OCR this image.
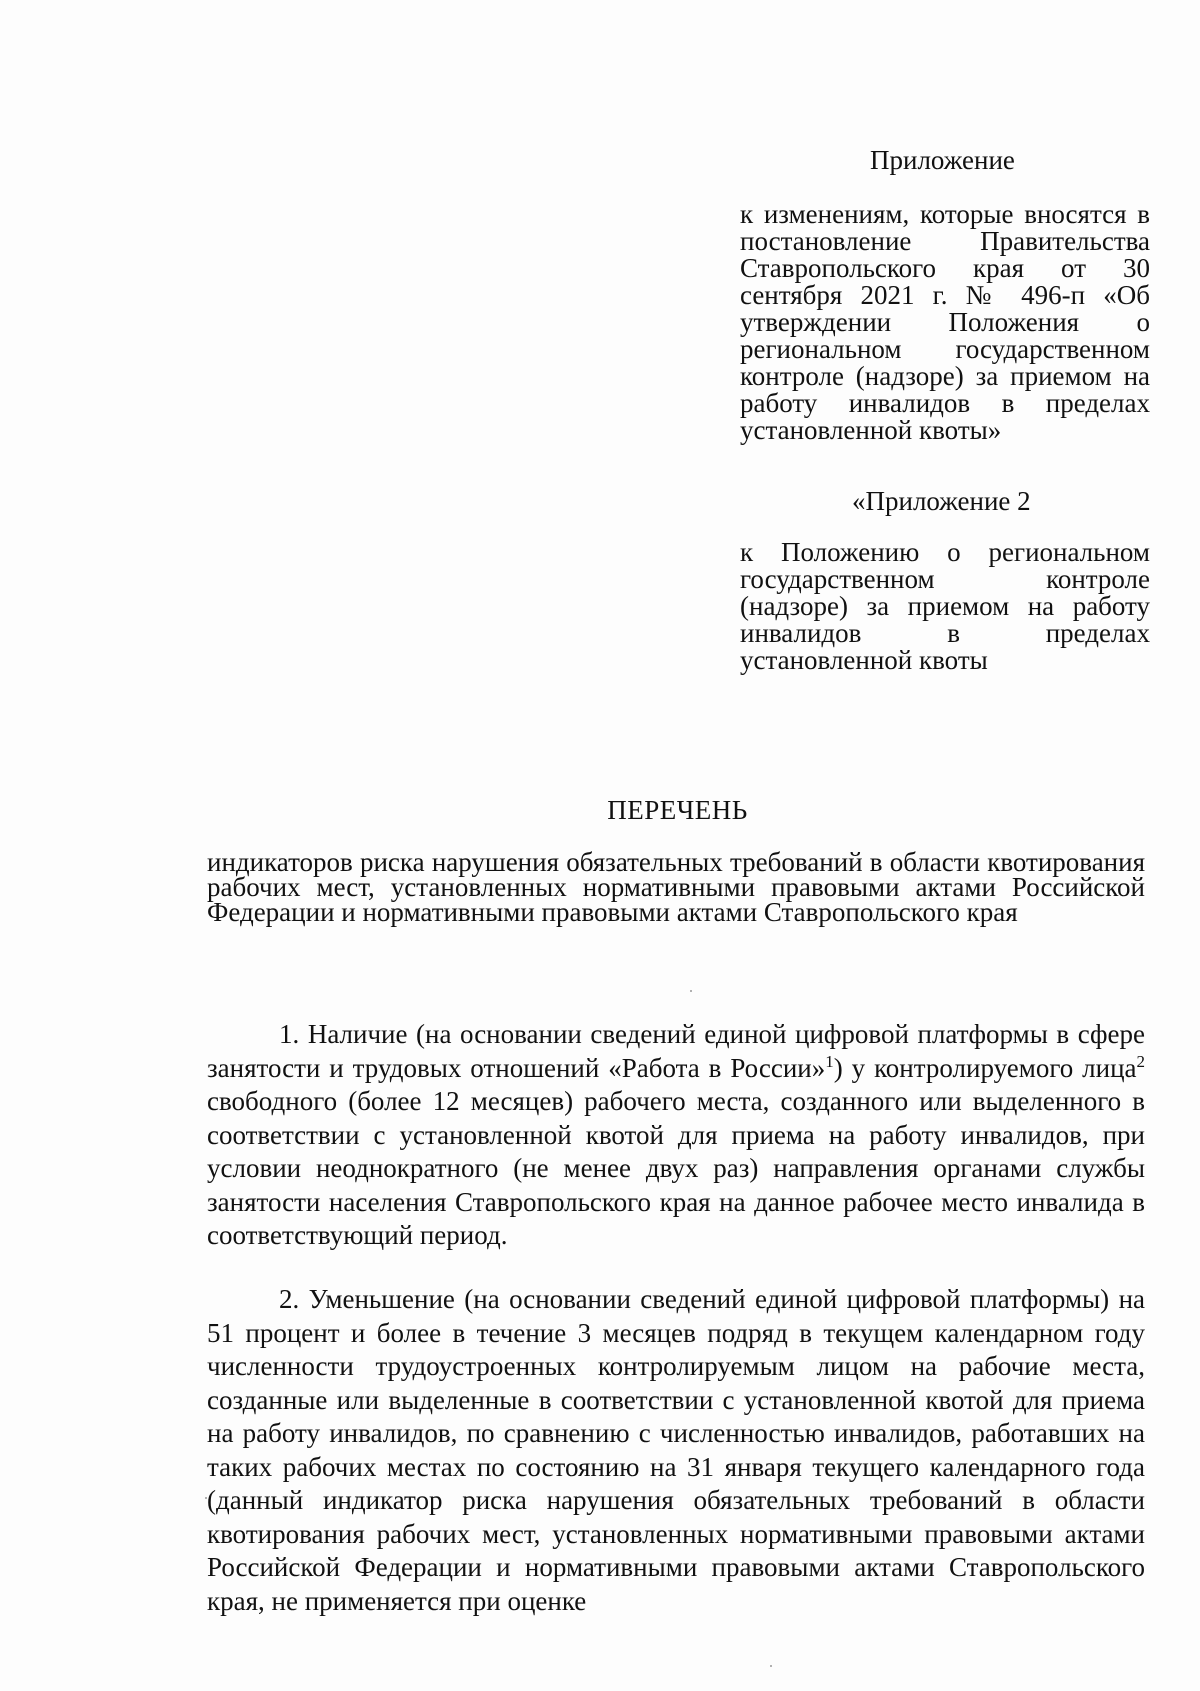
Приложение
к изменениям, которые вносятся в постановление Правительства Ставропольского края от 30 сентября 2021 г. № 496-п «Об утверждении Положения о региональном государственном контроле (надзоре) за приемом на работу инвалидов в пределах установленной квоты»
«Приложение 2
к Положению о региональном государственном контроле (надзоре) за приемом на работу инвалидов в пределах установленной квоты
ПЕРЕЧЕНЬ
индикаторов риска нарушения обязательных требований в области квотирования рабочих мест, установленных нормативными правовыми актами Российской Федерации и нормативными правовыми актами Ставропольского края
1. Наличие (на основании сведений единой цифровой платформы в сфере занятости и трудовых отношений «Работа в России»$^1$) у контролируемого лица$^2$ свободного (более 12 месяцев) рабочего места, созданного или выделенного в соответствии с установленной квотой для приема на работу инвалидов, при условии неоднократного (не менее двух раз) направления органами службы занятости населения Ставропольского края на данное рабочее место инвалида в соответствующий период.
2. Уменьшение (на основании сведений единой цифровой платформы) на 51 процент и более в течение 3 месяцев подряд в текущем календарном году численности трудоустроенных контролируемым лицом на рабочие места, созданные или выделенные в соответствии с установленной квотой для приема на работу инвалидов, по сравнению с численностью инвалидов, работавших на таких рабочих местах по состоянию на 31 января текущего календарного года (данный индикатор риска нарушения обязательных требований в области квотирования рабочих мест, установленных нормативными правовыми актами Российской Федерации и нормативными правовыми актами Ставропольского края, не применяется при оценке
